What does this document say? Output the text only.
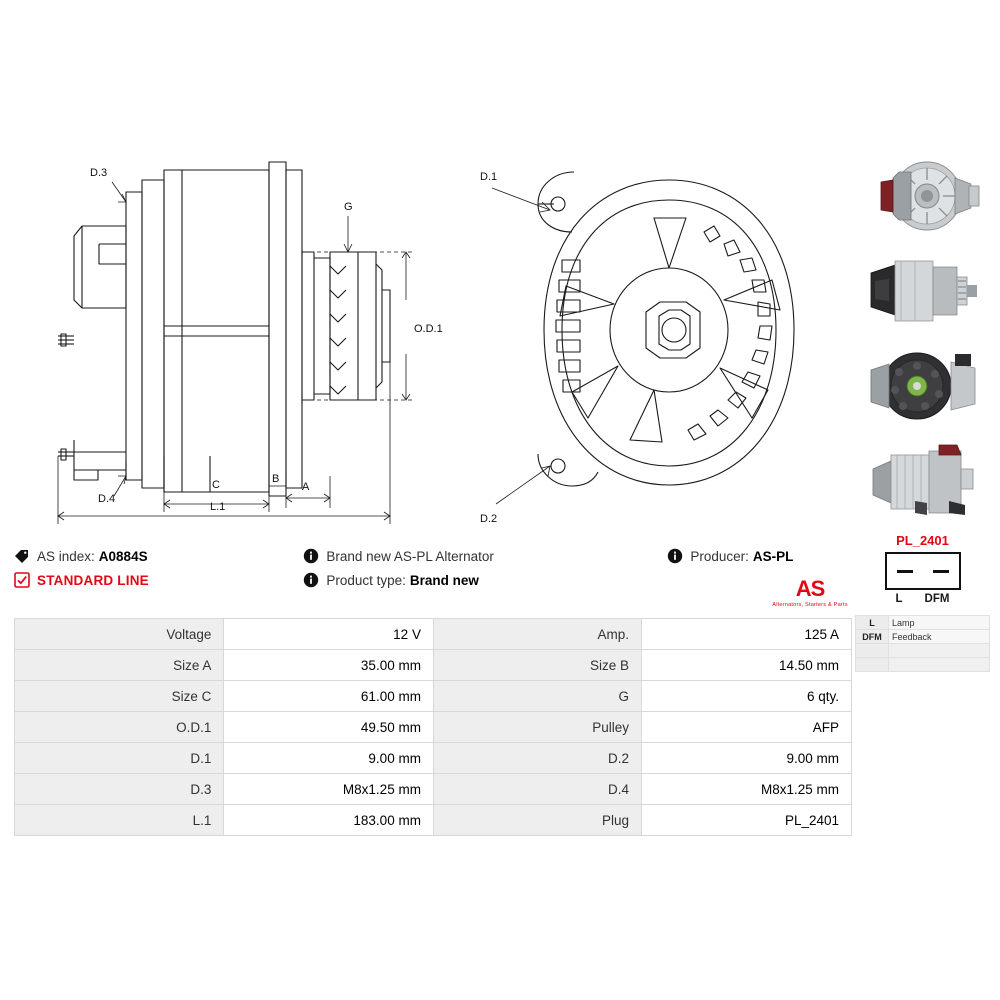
D.3
G
O.D.1
A
B
C
L.1
D.4
D.1
D.2
AS index: A0884S	Brand new AS-PL Alternator	Producer: AS-PL
STANDARD LINE	Product type: Brand new	AS
Alternators, Starters & Parts
Voltage	12 V	Amp.	125 A
Size A	35.00 mm	Size B	14.50 mm
Size C	61.00 mm	G	6 qty.
O.D.1	49.50 mm	Pulley	AFP
D.1	9.00 mm	D.2	9.00 mm
D.3	M8x1.25 mm	D.4	M8x1.25 mm
L.1	183.00 mm	Plug	PL_2401
PL_2401
L DFM
L	Lamp
DFM	Feedback
